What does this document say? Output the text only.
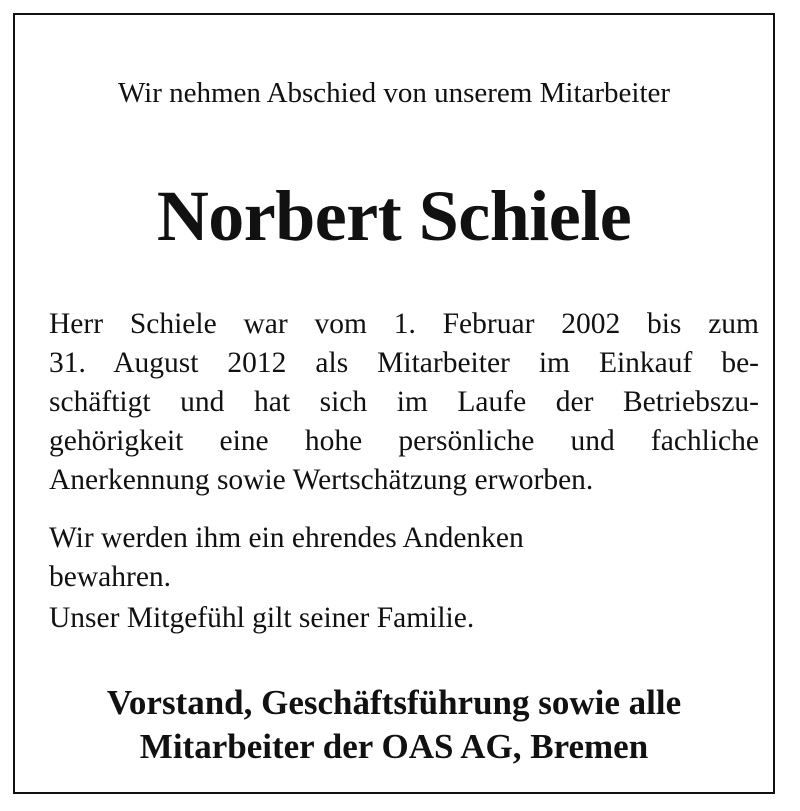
Wir nehmen Abschied von unserem Mitarbeiter
Norbert Schiele
Herr Schiele war vom 1. Februar 2002 bis zum
31. August 2012 als Mitarbeiter im Einkauf be-
schäftigt und hat sich im Laufe der Betriebszu-
gehörigkeit eine hohe persönliche und fachliche
Anerkennung sowie Wertschätzung erworben.
Wir werden ihm ein ehrendes Andenken
bewahren.
Unser Mitgefühl gilt seiner Familie.
Vorstand, Geschäftsführung sowie alle
Mitarbeiter der OAS AG, Bremen
